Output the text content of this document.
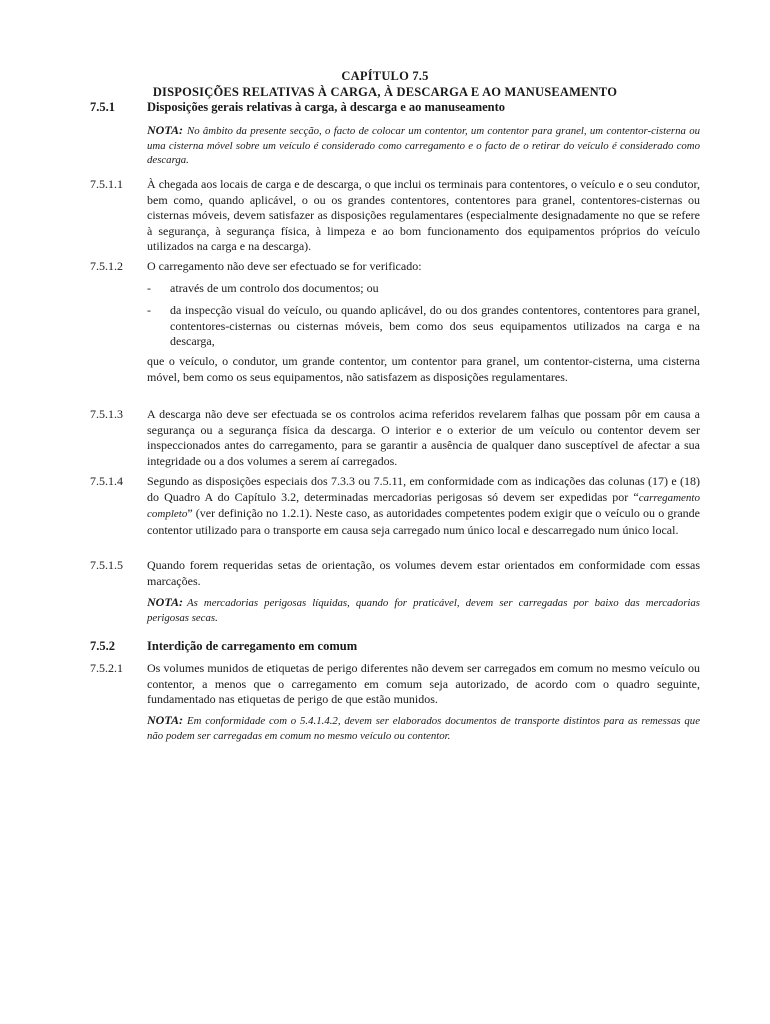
CAPÍTULO 7.5
DISPOSIÇÕES RELATIVAS À CARGA, À DESCARGA E AO MANUSEAMENTO
7.5.1	Disposições gerais relativas à carga, à descarga e ao manuseamento
NOTA: No âmbito da presente secção, o facto de colocar um contentor, um contentor para granel, um contentor-cisterna ou uma cisterna móvel sobre um veículo é considerado como carregamento e o facto de o retirar do veículo é considerado como descarga.
7.5.1.1	À chegada aos locais de carga e de descarga, o que inclui os terminais para contentores, o veículo e o seu condutor, bem como, quando aplicável, o ou os grandes contentores, contentores para granel, contentores-cisternas ou cisternas móveis, devem satisfazer as disposições regulamentares (especialmente designadamente no que se refere à segurança, à segurança física, à limpeza e ao bom funcionamento dos equipamentos próprios do veículo utilizados na carga e na descarga).
7.5.1.2	O carregamento não deve ser efectuado se for verificado:
-	através de um controlo dos documentos; ou
-	da inspecção visual do veículo, ou quando aplicável, do ou dos grandes contentores, contentores para granel, contentores-cisternas ou cisternas móveis, bem como dos seus equipamentos utilizados na carga e na descarga,
que o veículo, o condutor, um grande contentor, um contentor para granel, um contentor-cisterna, uma cisterna móvel, bem como os seus equipamentos, não satisfazem as disposições regulamentares.
7.5.1.3	A descarga não deve ser efectuada se os controlos acima referidos revelarem falhas que possam pôr em causa a segurança ou a segurança física da descarga. O interior e o exterior de um veículo ou contentor devem ser inspeccionados antes do carregamento, para se garantir a ausência de qualquer dano susceptível de afectar a sua integridade ou a dos volumes a serem aí carregados.
7.5.1.4	Segundo as disposições especiais dos 7.3.3 ou 7.5.11, em conformidade com as indicações das colunas (17) e (18) do Quadro A do Capítulo 3.2, determinadas mercadorias perigosas só devem ser expedidas por “carregamento completo” (ver definição no 1.2.1). Neste caso, as autoridades competentes podem exigir que o veículo ou o grande contentor utilizado para o transporte em causa seja carregado num único local e descarregado num único local.
7.5.1.5	Quando forem requeridas setas de orientação, os volumes devem estar orientados em conformidade com essas marcações.
NOTA: As mercadorias perigosas líquidas, quando for praticável, devem ser carregadas por baixo das mercadorias perigosas secas.
7.5.2	Interdição de carregamento em comum
7.5.2.1	Os volumes munidos de etiquetas de perigo diferentes não devem ser carregados em comum no mesmo veículo ou contentor, a menos que o carregamento em comum seja autorizado, de acordo com o quadro seguinte, fundamentado nas etiquetas de perigo de que estão munidos.
NOTA: Em conformidade com o 5.4.1.4.2, devem ser elaborados documentos de transporte distintos para as remessas que não podem ser carregadas em comum no mesmo veículo ou contentor.
